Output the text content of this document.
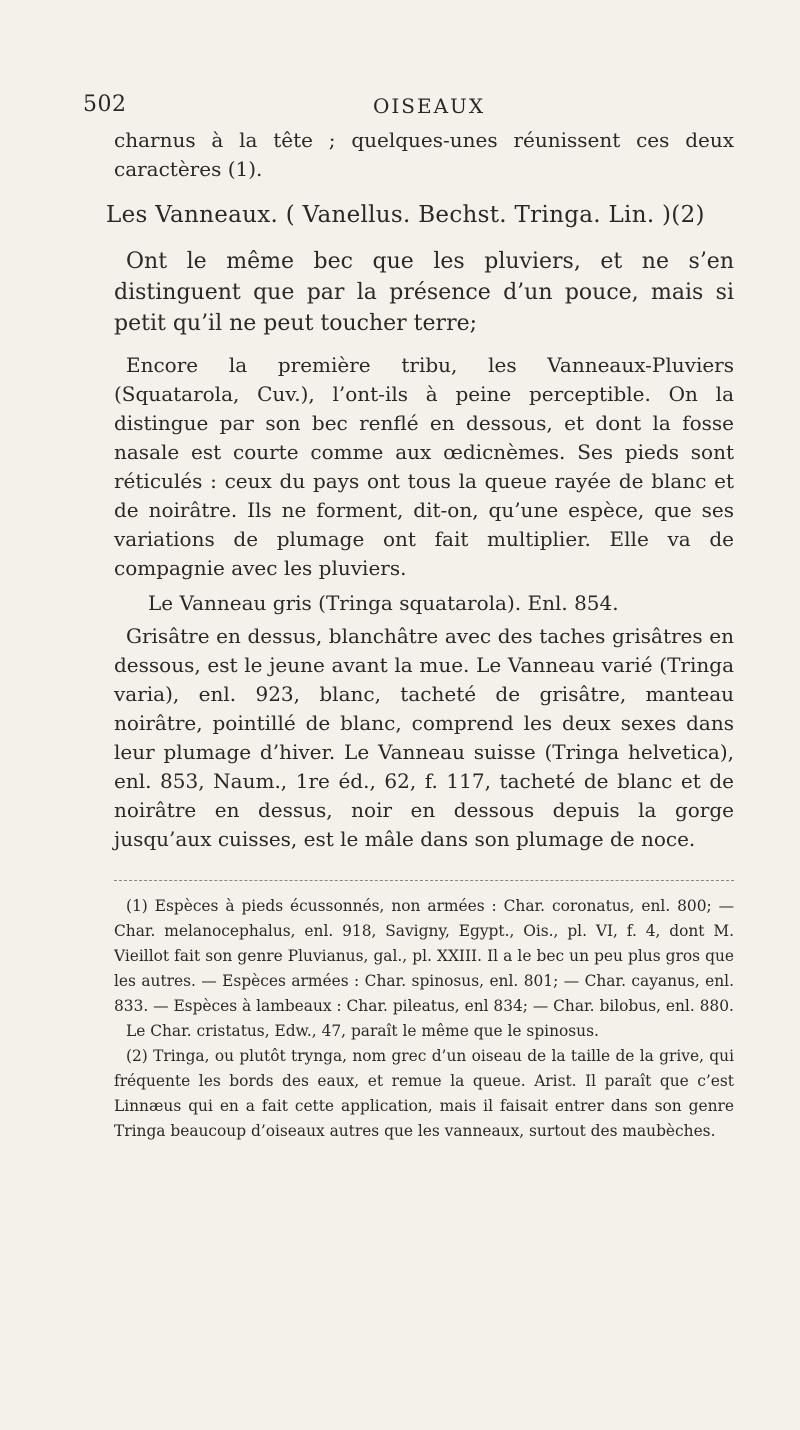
502	OISEAUX

charnus à la tête ; quelques-unes réunissent ces deux caractères (1).

Les Vanneaux. ( Vanellus. Bechst. Tringa. Lin. )(2)

Ont le même bec que les pluviers, et ne s’en distinguent que par la présence d’un pouce, mais si petit qu’il ne peut toucher terre;

Encore la première tribu, les Vanneaux-Pluviers (Squatarola, Cuv.), l’ont-ils à peine perceptible. On la distingue par son bec renflé en dessous, et dont la fosse nasale est courte comme aux œdicnèmes. Ses pieds sont réticulés : ceux du pays ont tous la queue rayée de blanc et de noirâtre. Ils ne forment, dit-on, qu’une espèce, que ses variations de plumage ont fait multiplier. Elle va de compagnie avec les pluviers.

Le Vanneau gris (Tringa squatarola). Enl. 854.

Grisâtre en dessus, blanchâtre avec des taches grisâtres en dessous, est le jeune avant la mue. Le Vanneau varié (Tringa varia), enl. 923, blanc, tacheté de grisâtre, manteau noirâtre, pointillé de blanc, comprend les deux sexes dans leur plumage d’hiver. Le Vanneau suisse (Tringa helvetica), enl. 853, Naum., 1re éd., 62, f. 117, tacheté de blanc et de noirâtre en dessus, noir en dessous depuis la gorge jusqu’aux cuisses, est le mâle dans son plumage de noce.

(1) Espèces à pieds écussonnés, non armées : Char. coronatus, enl. 800; — Char. melanocephalus, enl. 918, Savigny, Egypt., Ois., pl. VI, f. 4, dont M. Vieillot fait son genre Pluvianus, gal., pl. XXIII. Il a le bec un peu plus gros que les autres. — Espèces armées : Char. spinosus, enl. 801; — Char. cayanus, enl. 833. — Espèces à lambeaux : Char. pileatus, enl 834; — Char. bilobus, enl. 880.

Le Char. cristatus, Edw., 47, paraît le même que le spinosus.

(2) Tringa, ou plutôt trynga, nom grec d’un oiseau de la taille de la grive, qui fréquente les bords des eaux, et remue la queue. Arist. Il paraît que c’est Linnæus qui en a fait cette application, mais il faisait entrer dans son genre Tringa beaucoup d’oiseaux autres que les vanneaux, surtout des maubèches.
